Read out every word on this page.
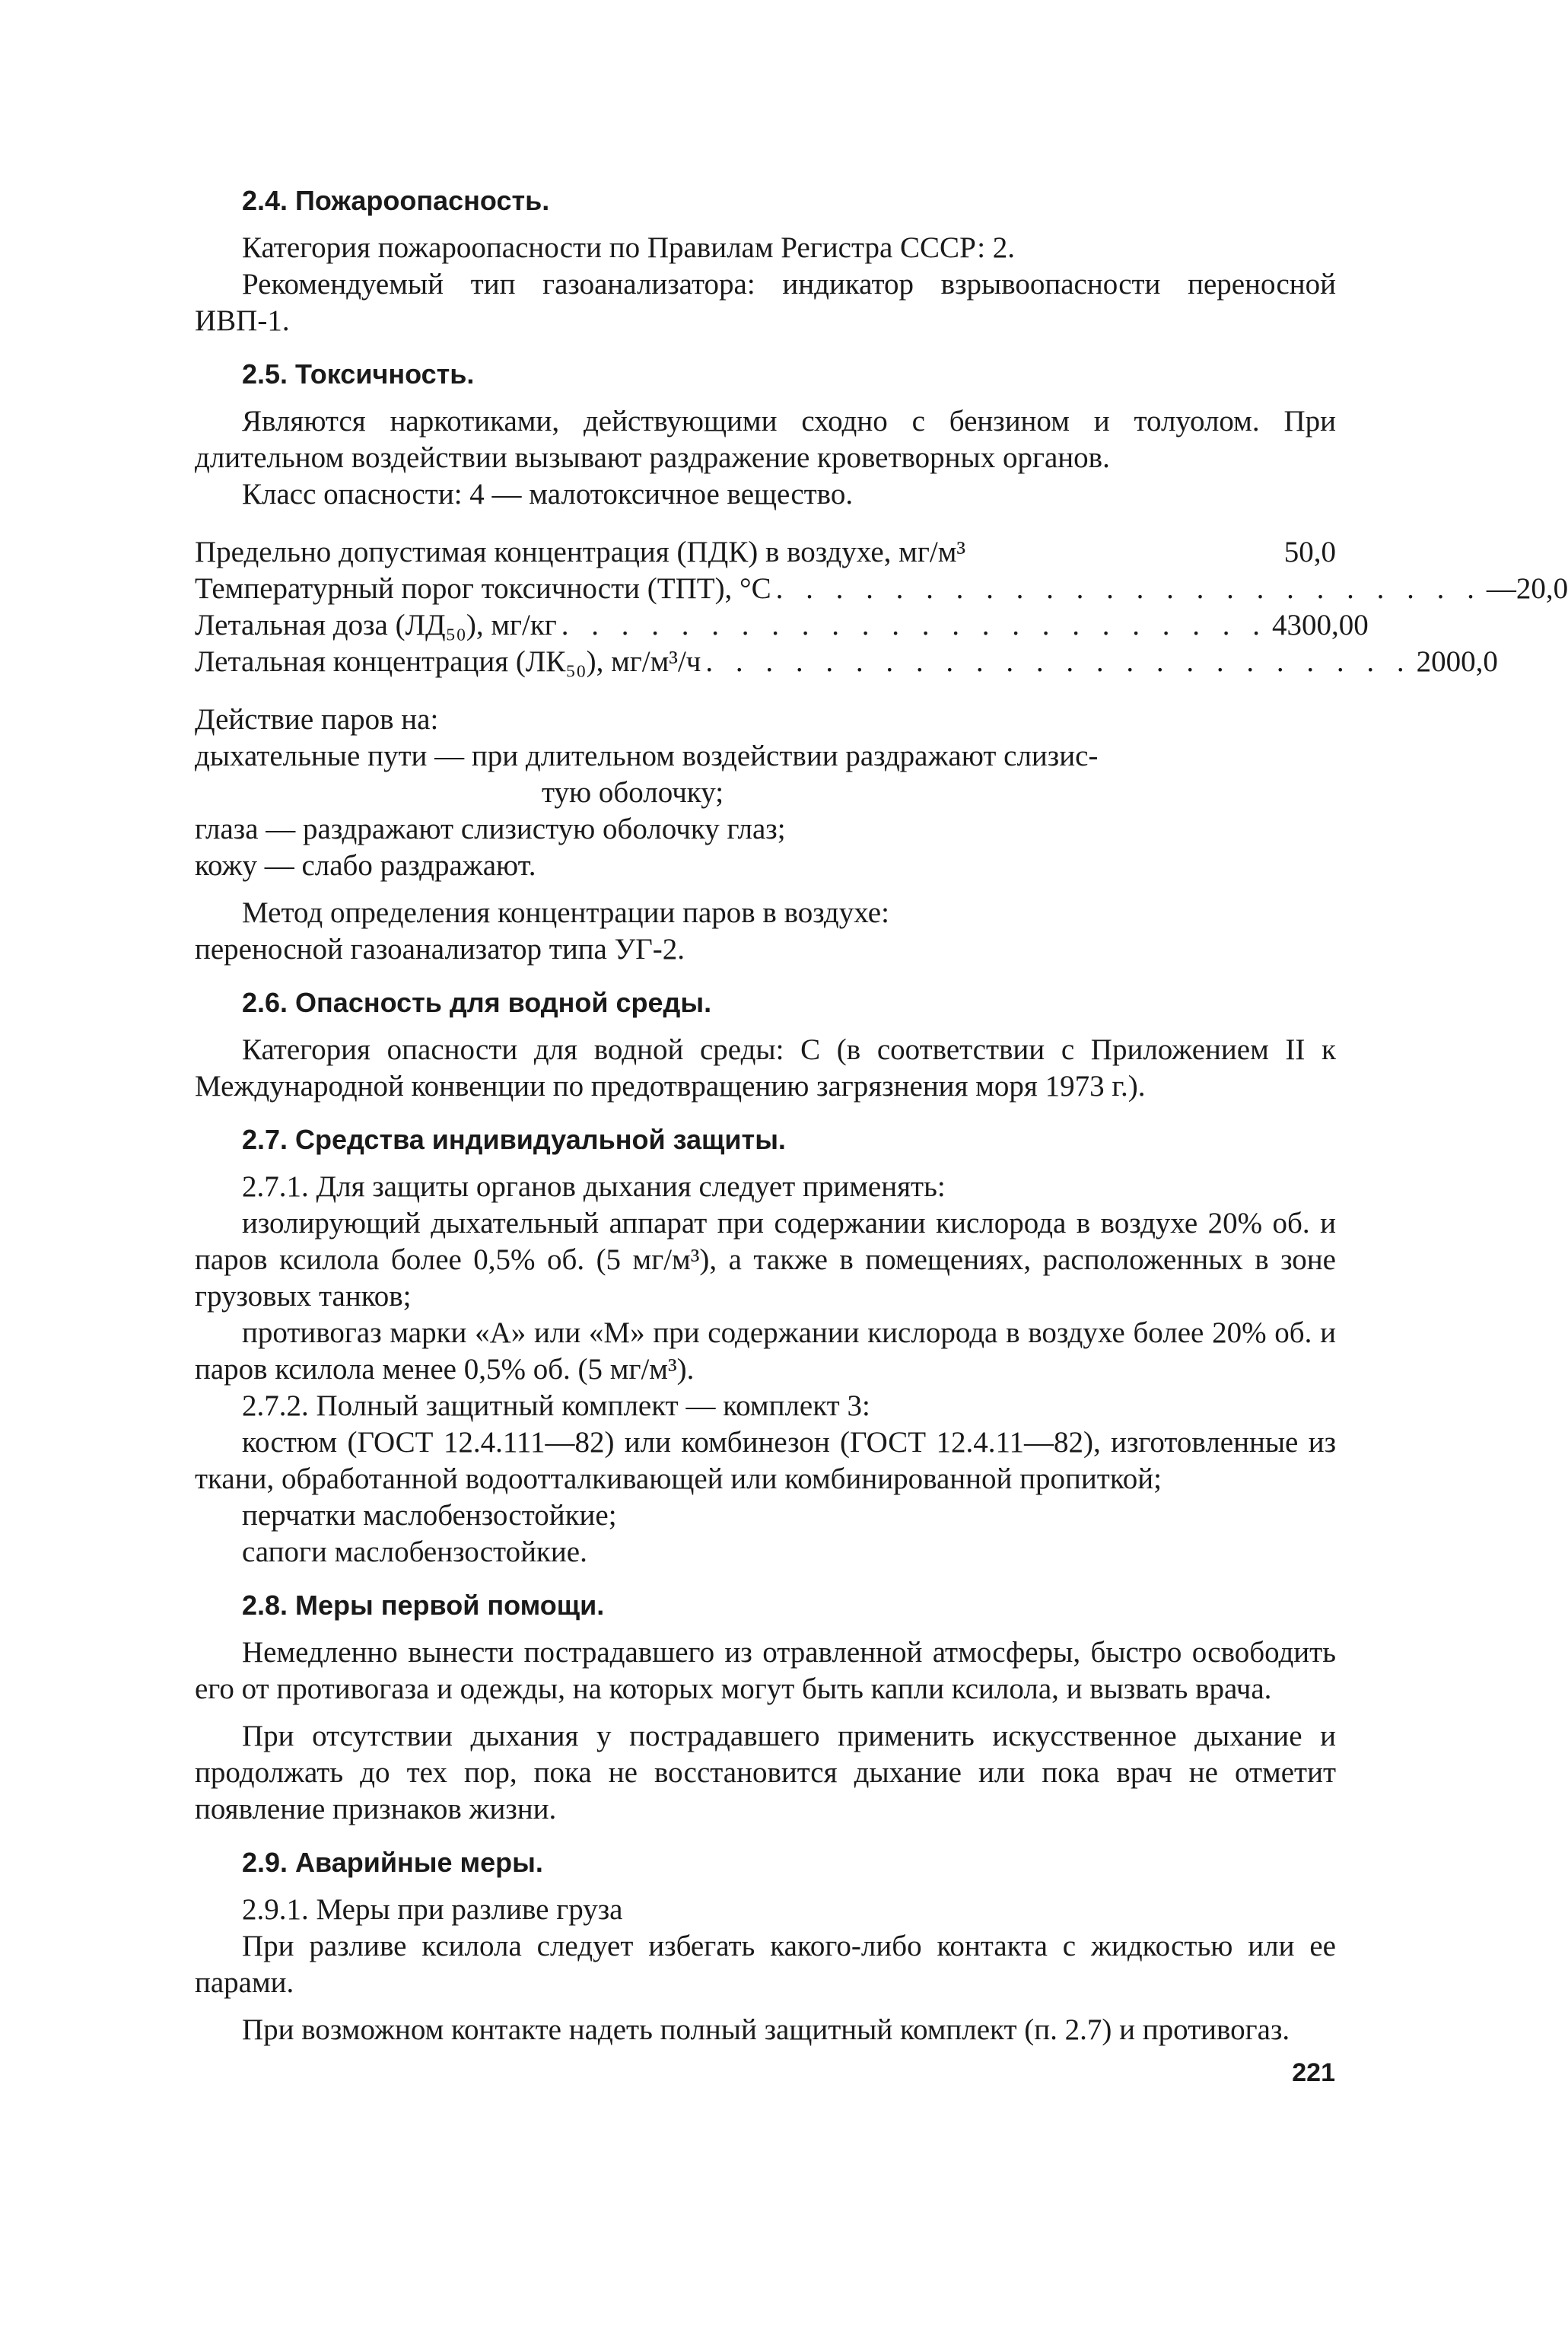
2.4. Пожароопасность.

Категория пожароопасности по Правилам Регистра СССР: 2.

Рекомендуемый тип газоанализатора: индикатор взрывоопасности переносной ИВП-1.

2.5. Токсичность.

Являются наркотиками, действующими сходно с бензином и толуолом. При длительном воздействии вызывают раздражение кроветворных органов.

Класс опасности: 4 — малотоксичное вещество.

Предельно допустимая концентрация (ПДК) в воздухе, мг/м³	50,0
Температурный порог токсичности (ТПТ), °С . . . . . . . . . . . . . . . . . . . . . . . . —20,0
Летальная доза (ЛД₅₀), мг/кг . . . . . . . . . . . . . . . . . . . . . . . . 4300,00
Летальная концентрация (ЛК₅₀), мг/м³/ч . . . . . . . . . . . . . . . . . . . . . . . . 2000,0

Действие паров на:

дыхательные пути — при длительном воздействии раздражают слизис-

тую оболочку;

глаза — раздражают слизистую оболочку глаз;

кожу — слабо раздражают.

Метод определения концентрации паров в воздухе:

переносной газоанализатор типа УГ-2.

2.6. Опасность для водной среды.

Категория опасности для водной среды: С (в соответствии с Приложением II к Международной конвенции по предотвращению загрязнения моря 1973 г.).

2.7. Средства индивидуальной защиты.

2.7.1. Для защиты органов дыхания следует применять:

изолирующий дыхательный аппарат при содержании кислорода в воздухе 20% об. и паров ксилола более 0,5% об. (5 мг/м³), а также в помещениях, расположенных в зоне грузовых танков;

противогаз марки «А» или «М» при содержании кислорода в воздухе более 20% об. и паров ксилола менее 0,5% об. (5 мг/м³).

2.7.2. Полный защитный комплект — комплект 3:

костюм (ГОСТ 12.4.111—82) или комбинезон (ГОСТ 12.4.11—82), изготовленные из ткани, обработанной водоотталкивающей или комбинированной пропиткой;

перчатки маслобензостойкие;

сапоги маслобензостойкие.

2.8. Меры первой помощи.

Немедленно вынести пострадавшего из отравленной атмосферы, быстро освободить его от противогаза и одежды, на которых могут быть капли ксилола, и вызвать врача.

При отсутствии дыхания у пострадавшего применить искусственное дыхание и продолжать до тех пор, пока не восстановится дыхание или пока врач не отметит появление признаков жизни.

2.9. Аварийные меры.

2.9.1. Меры при разливе груза

При разливе ксилола следует избегать какого-либо контакта с жидкостью или ее парами.

При возможном контакте надеть полный защитный комплект (п. 2.7) и противогаз.

221
